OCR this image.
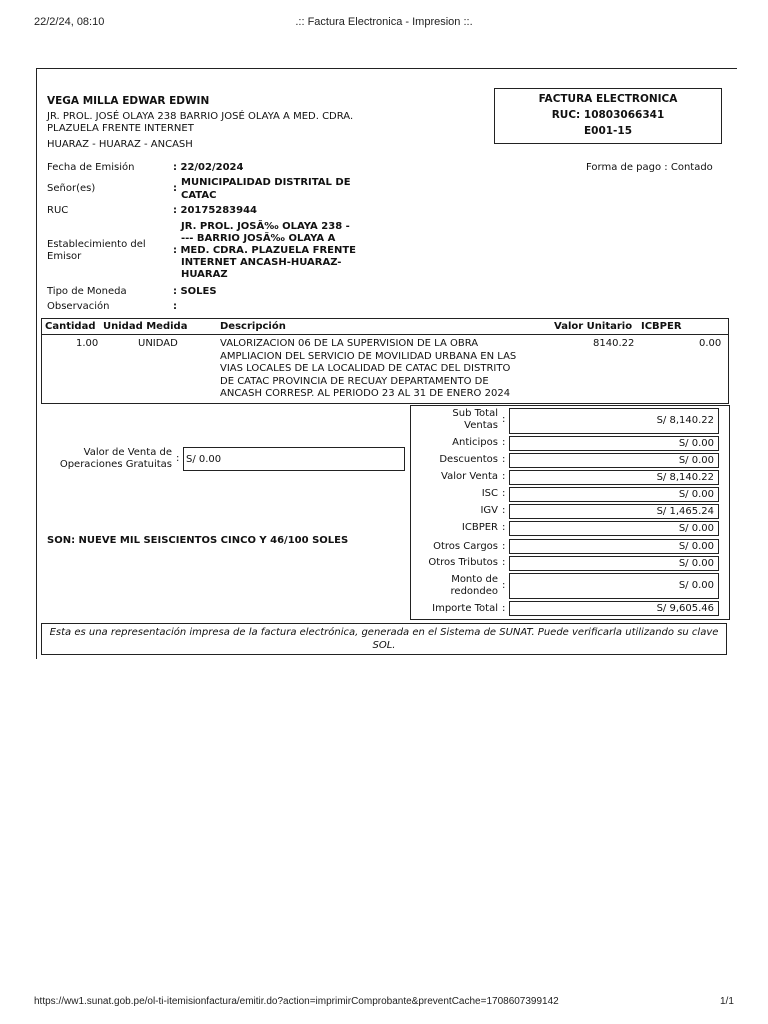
22/2/24, 08:10	.:: Factura Electronica - Impresion ::.
VEGA MILLA EDWAR EDWIN
JR. PROL. JOSÉ OLAYA 238 BARRIO JOSÉ OLAYA A MED. CDRA.
PLAZUELA FRENTE INTERNET
HUARAZ - HUARAZ - ANCASH
FACTURA ELECTRONICA
RUC: 10803066341
E001-15
Fecha de Emisión	: 22/02/2024	Forma de pago : Contado
Señor(es)	:
MUNICIPALIDAD DISTRITAL DE
CATAC
RUC	: 20175283944
Establecimiento del
Emisor
JR. PROL. JOSÃ‰ OLAYA 238 -
--- BARRIO JOSÃ‰ OLAYA A
: MED. CDRA. PLAZUELA FRENTE
INTERNET ANCASH-HUARAZ-
HUARAZ
Tipo de Moneda	: SOLES
Observación	:
Cantidad Unidad Medida	Descripción	Valor Unitario ICBPER
1.00	UNIDAD	VALORIZACION 06 DE LA SUPERVISION DE LA OBRA
AMPLIACION DEL SERVICIO DE MOVILIDAD URBANA EN LAS
VIAS LOCALES DE LA LOCALIDAD DE CATAC DEL DISTRITO
DE CATAC PROVINCIA DE RECUAY DEPARTAMENTO DE
ANCASH CORRESP. AL PERIODO 23 AL 31 DE ENERO 2024
8140.22	0.00
Valor de Venta de
Operaciones Gratuitas
: S/ 0.00
SON: NUEVE MIL SEISCIENTOS CINCO Y 46/100 SOLES
Sub Total
Ventas
:	S/ 8,140.22
Anticipos :	S/ 0.00
Descuentos :	S/ 0.00
Valor Venta :	S/ 8,140.22
ISC :	S/ 0.00
IGV :	S/ 1,465.24
ICBPER :	S/ 0.00
Otros Cargos :	S/ 0.00
Otros Tributos :	S/ 0.00
Monto de
redondeo
:	S/ 0.00
Importe Total :	S/ 9,605.46
Esta es una representación impresa de la factura electrónica, generada en el Sistema de SUNAT. Puede verificarla utilizando su clave SOL.
https://ww1.sunat.gob.pe/ol-ti-itemisionfactura/emitir.do?action=imprimirComprobante&preventCache=1708607399142	1/1
